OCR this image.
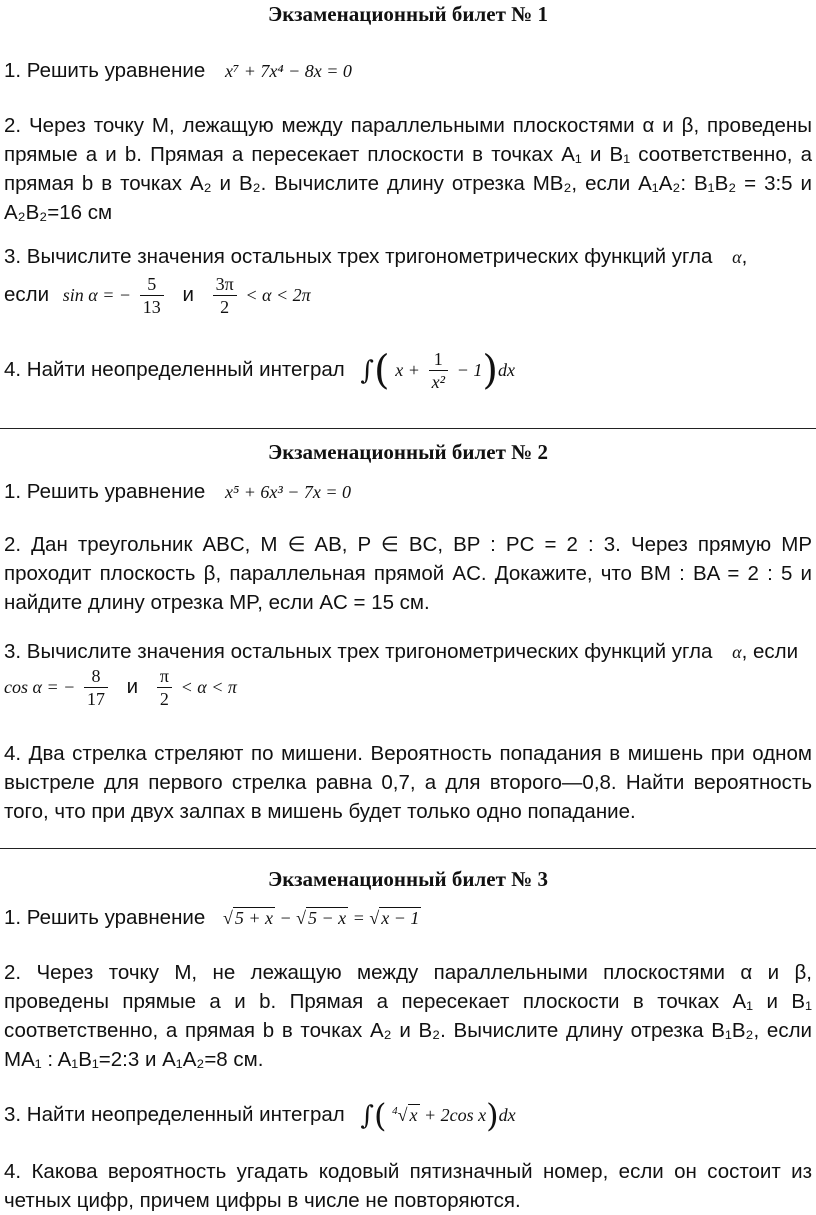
Экзаменационный билет № 1
1. Решить уравнение x⁷ + 7x⁴ − 8x = 0
2. Через точку М, лежащую между параллельными плоскостями α и β, проведены прямые a и b. Прямая a пересекает плоскости в точках A₁ и B₁ соответственно, а прямая b в точках A₂ и B₂. Вычислите длину отрезка MB₂, если A₁A₂: B₁B₂ = 3:5 и A₂B₂=16 см
3. Вычислите значения остальных трех тригонометрических функций угла α,
если sin α = − $\frac{5}{13}$ и $\frac{3\pi}{2} < \alpha < 2\pi$
4. Найти неопределенный интеграл ∫( $x + \frac{1}{\text{x²}} - 1)dx$
Экзаменационный билет № 2
1. Решить уравнение x⁵ + 6x³ − 7x = 0
2. Дан треугольник ABC, M ∈ AB, P ∈ BC, BP : PC = 2 : 3. Через прямую MP проходит плоскость β, параллельная прямой AC. Докажите, что BM : BA = 2 : 5 и найдите длину отрезка MP, если AC = 15 см.
3. Вычислите значения остальных трех тригонометрических функций угла α, если
cos α = − $\frac{8}{17}$ и $\frac{\pi}{2} < \alpha < \pi$
4. Два стрелка стреляют по мишени. Вероятность попадания в мишень при одном выстреле для первого стрелка равна 0,7, а для второго—0,8. Найти вероятность того, что при двух залпах в мишень будет только одно попадание.
Экзаменационный билет № 3
1. Решить уравнение √ 5 + x − √ 5 − x = √ x − 1
2. Через точку М, не лежащую между параллельными плоскостями α и β, проведены прямые a и b. Прямая a пересекает плоскости в точках A₁ и B₁ соответственно, а прямая b в точках A₂ и B₂. Вычислите длину отрезка B₁B₂, если MA₁ : A₁B₁=2:3 и A₁A₂=8 см.
3. Найти неопределенный интеграл ∫( $^4$√ x + 2cos x)dx
4. Какова вероятность угадать кодовый пятизначный номер, если он состоит из четных цифр, причем цифры в числе не повторяются.
